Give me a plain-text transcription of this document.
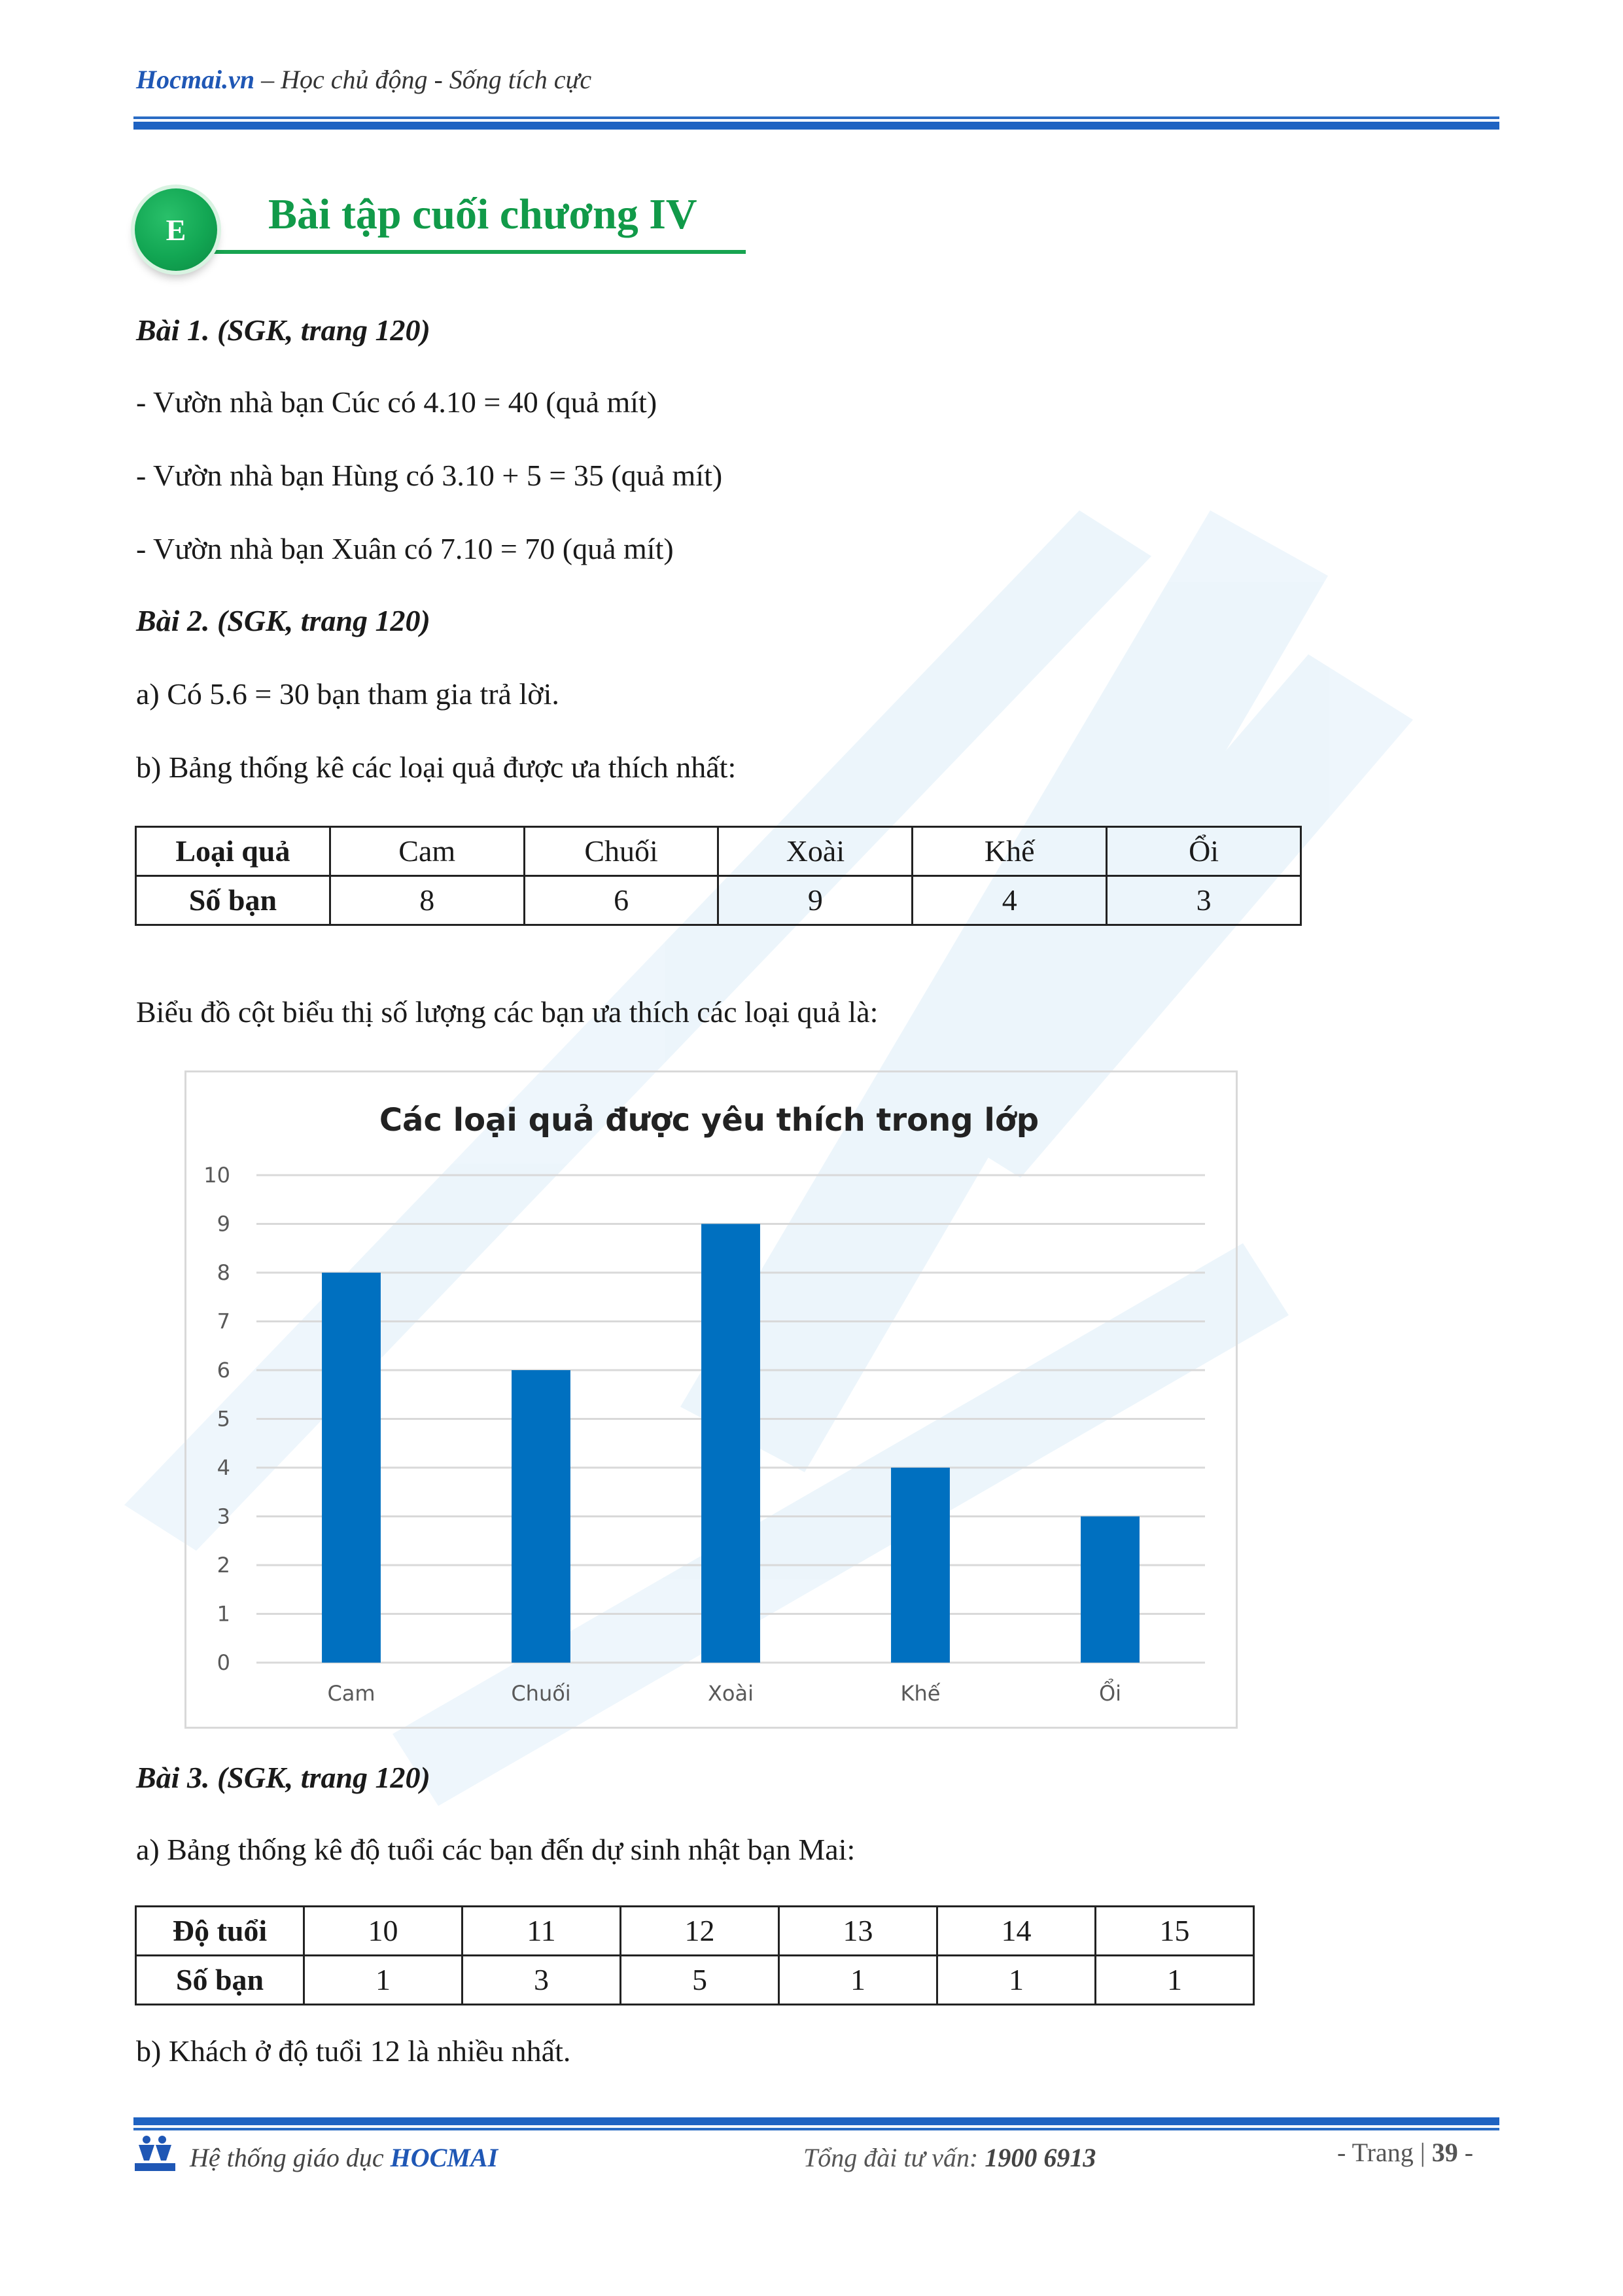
Hocmai.vn – Học chủ động - Sống tích cực
E	Bài tập cuối chương IV
Bài 1. (SGK, trang 120)
- Vườn nhà bạn Cúc có 4.10 = 40 (quả mít)
- Vườn nhà bạn Hùng có 3.10 + 5 = 35 (quả mít)
- Vườn nhà bạn Xuân có 7.10 = 70 (quả mít)
Bài 2. (SGK, trang 120)
a) Có 5.6 = 30 bạn tham gia trả lời.
b) Bảng thống kê các loại quả được ưa thích nhất:
Loại quả	Cam	Chuối	Xoài	Khế	Ổi
Số bạn	8	6	9	4	3
Biểu đồ cột biểu thị số lượng các bạn ưa thích các loại quả là:
Các loại quả được yêu thích trong lớp
0
1
2
3
4
5
6
7
8
9
10
Cam	Chuối	Xoài	Khế	Ổi
Bài 3. (SGK, trang 120)
a) Bảng thống kê độ tuổi các bạn đến dự sinh nhật bạn Mai:
Độ tuổi	10	11	12	13	14	15
Số bạn	1	3	5	1	1	1
b) Khách ở độ tuổi 12 là nhiều nhất.
Hệ thống giáo dục HOCMAI	Tổng đài tư vấn: 1900 6913	- Trang | 39 -
